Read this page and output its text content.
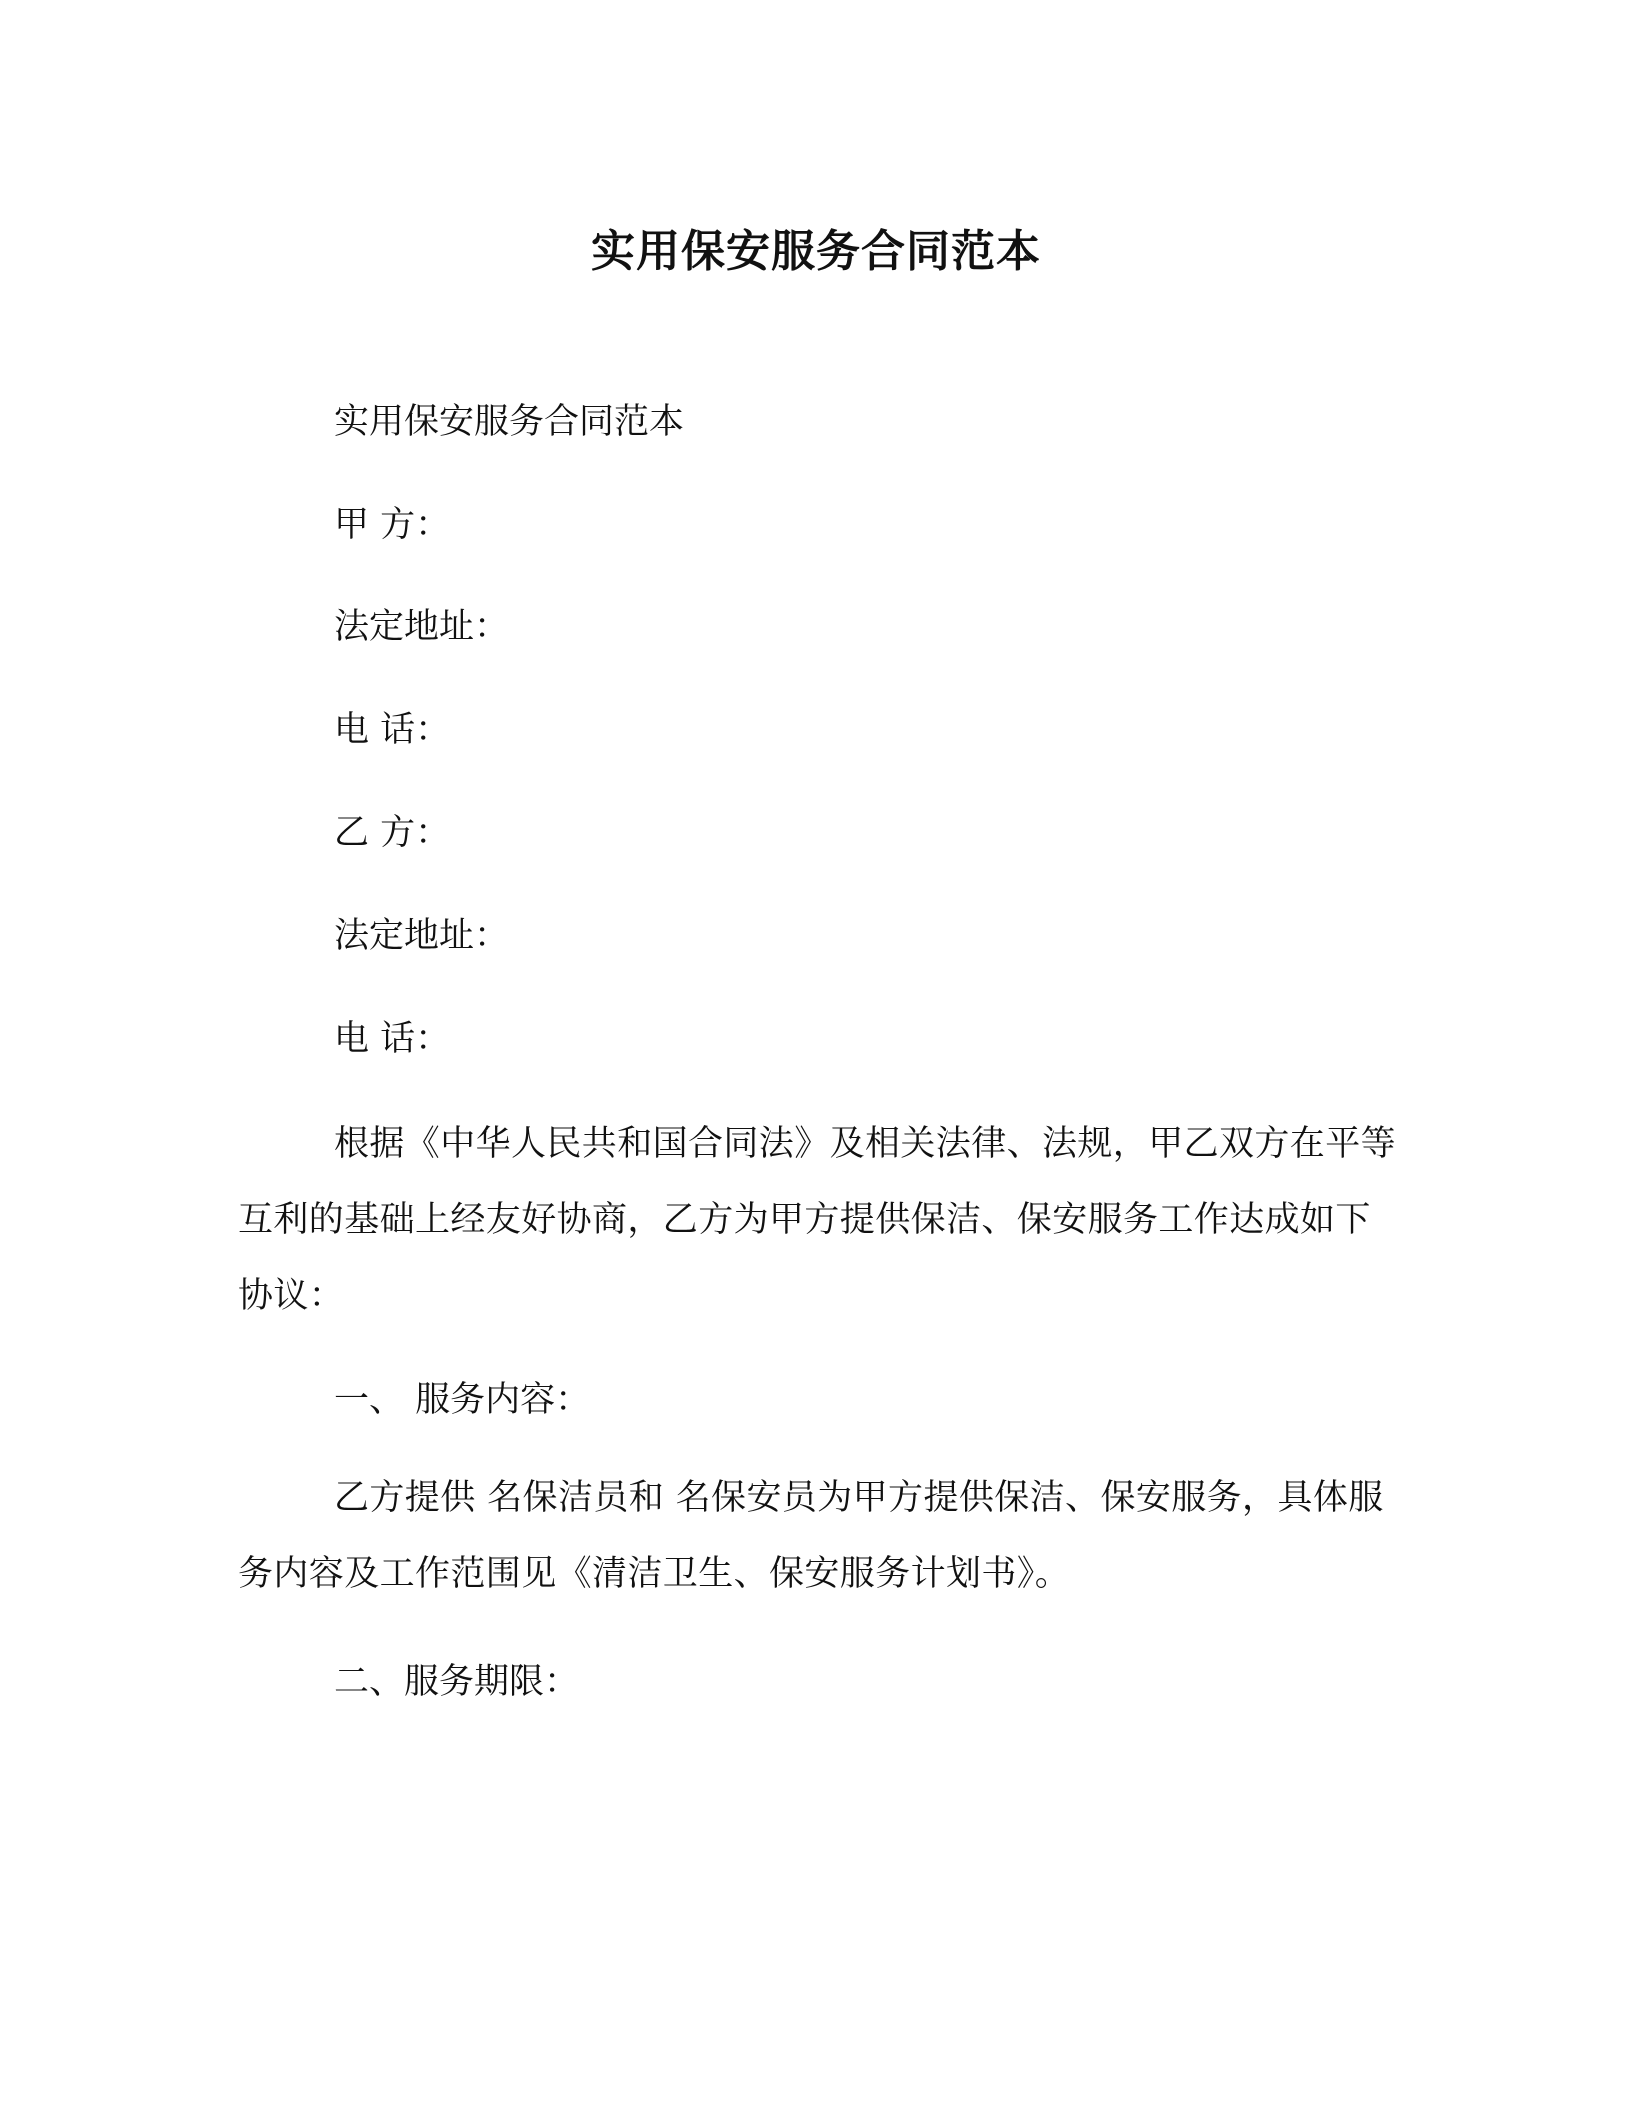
实用保安服务合同范本
实用保安服务合同范本
甲 方：
法定地址：
电 话：
乙 方：
法定地址：
电 话：
根据《中华人民共和国合同法》及相关法律、法规，甲乙双方在平等互利的基础上经友好协商，乙方为甲方提供保洁、保安服务工作达成如下协议：
一、 服务内容：
乙方提供 名保洁员和 名保安员为甲方提供保洁、保安服务，具体服务内容及工作范围见《清洁卫生、保安服务计划书》。
二、服务期限：
